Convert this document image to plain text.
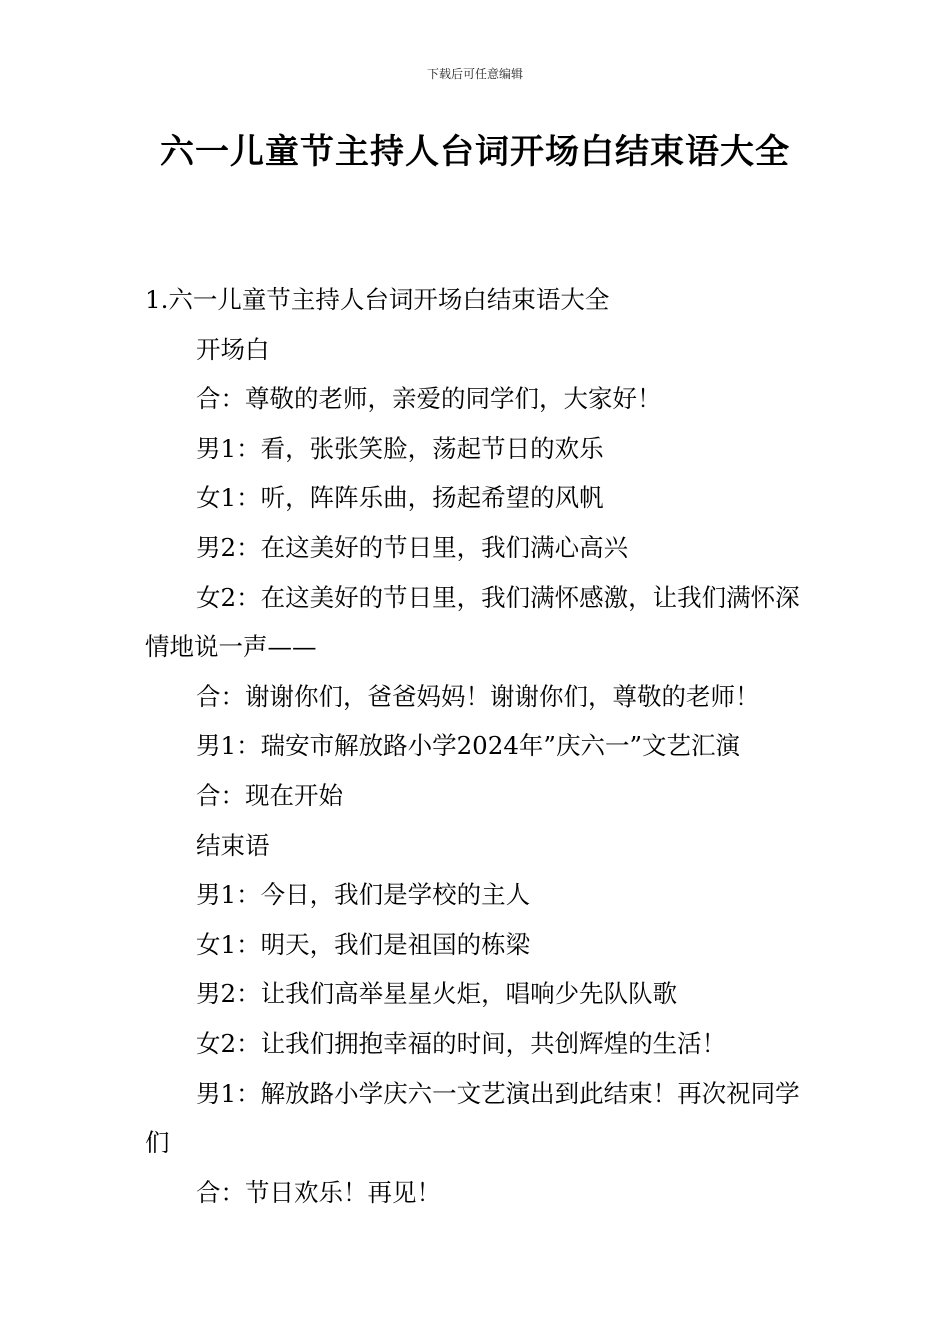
下载后可任意编辑
六一儿童节主持人台词开场白结束语大全

1.六一儿童节主持人台词开场白结束语大全

开场白

合：尊敬的老师，亲爱的同学们，大家好！

男1：看，张张笑脸，荡起节日的欢乐

女1：听，阵阵乐曲，扬起希望的风帆

男2：在这美好的节日里，我们满心高兴

女2：在这美好的节日里，我们满怀感激，让我们满怀深情地说一声——

合：谢谢你们，爸爸妈妈！谢谢你们，尊敬的老师！

男1：瑞安市解放路小学2024年”庆六一”文艺汇演

合：现在开始

结束语

男1：今日，我们是学校的主人

女1：明天，我们是祖国的栋梁

男2：让我们高举星星火炬，唱响少先队队歌

女2：让我们拥抱幸福的时间，共创辉煌的生活！

男1：解放路小学庆六一文艺演出到此结束！再次祝同学们

合：节日欢乐！再见！
